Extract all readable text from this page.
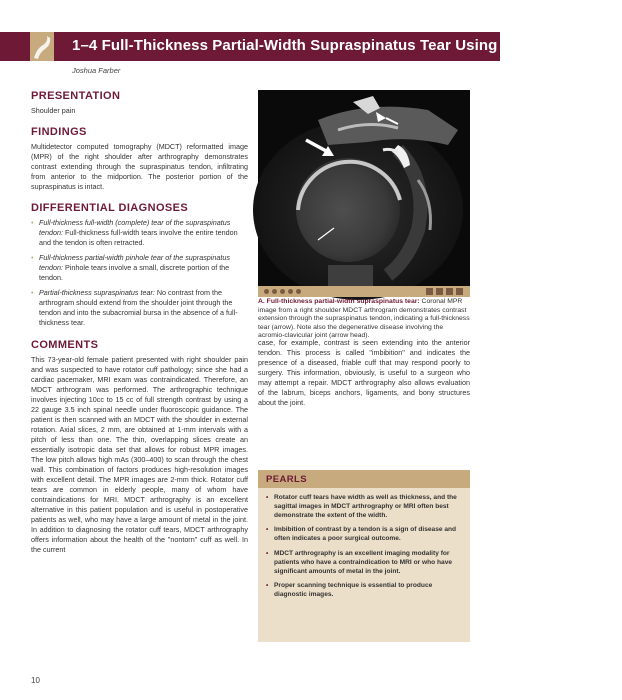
1–4 Full-Thickness Partial-Width Supraspinatus Tear Using Multidetector CT
Joshua Farber
PRESENTATION

Shoulder pain

FINDINGS

Multidetector computed tomography (MDCT) reformatted image (MPR) of the right shoulder after arthrography demonstrates contrast extending through the supraspinatus tendon, infiltrating from anterior to the midportion. The posterior portion of the supraspinatus is intact.

DIFFERENTIAL DIAGNOSES
• Full-thickness full-width (complete) tear of the supraspinatus tendon: Full-thickness full-width tears involve the entire tendon and the tendon is often retracted.
• Full-thickness partial-width pinhole tear of the supraspinatus tendon: Pinhole tears involve a small, discrete portion of the tendon.
• Partial-thickness supraspinatus tear: No contrast from the arthrogram should extend from the shoulder joint through the tendon and into the subacromial bursa in the absence of a full-thickness tear.
COMMENTS

This 73-year-old female patient presented with right shoulder pain and was suspected to have rotator cuff pathology; since she had a cardiac pacemaker, MRI exam was contraindicated. Therefore, an MDCT arthrogram was performed. The arthrographic technique involves injecting 10cc to 15 cc of full strength contrast by using a 22 gauge 3.5 inch spinal needle under fluoroscopic guidance. The patient is then scanned with an MDCT with the shoulder in external rotation. Axial slices, 2 mm, are obtained at 1-mm intervals with a pitch of less than one. The thin, overlapping slices create an essentially isotropic data set that allows for robust MPR images. The low pitch allows high mAs (300–400) to scan through the chest wall. This combination of factors produces high-resolution images with excellent detail. The MPR images are 2-mm thick. Rotator cuff tears are common in elderly people, many of whom have contraindications for MRI. MDCT arthrography is an excellent alternative in this patient population and is useful in postoperative patients as well, who may have a large amount of metal in the joint. In addition to diagnosing the rotator cuff tears, MDCT arthrography offers information about the health of the "nontorn" cuff as well. In the current

A. Full-thickness partial-width supraspinatus tear: Coronal MPR image from a right shoulder MDCT arthrogram demonstrates contrast extension through the supraspinatus tendon, indicating a full-thickness tear (arrow). Note also the degenerative disease involving the acromio-clavicular joint (arrow head).

case, for example, contrast is seen extending into the anterior tendon. This process is called "imbibition" and indicates the presence of a diseased, friable cuff that may respond poorly to surgery. This information, obviously, is useful to a surgeon who may attempt a repair. MDCT arthrography also allows evaluation of the labrum, biceps anchors, ligaments, and bony structures about the joint.

PEARLS
• Rotator cuff tears have width as well as thickness, and the sagittal images in MDCT arthrography or MRI often best demonstrate the extent of the width.
• Imbibition of contrast by a tendon is a sign of disease and often indicates a poor surgical outcome.
• MDCT arthrography is an excellent imaging modality for patients who have a contraindication to MRI or who have significant amounts of metal in the joint.
• Proper scanning technique is essential to produce diagnostic images.
10
